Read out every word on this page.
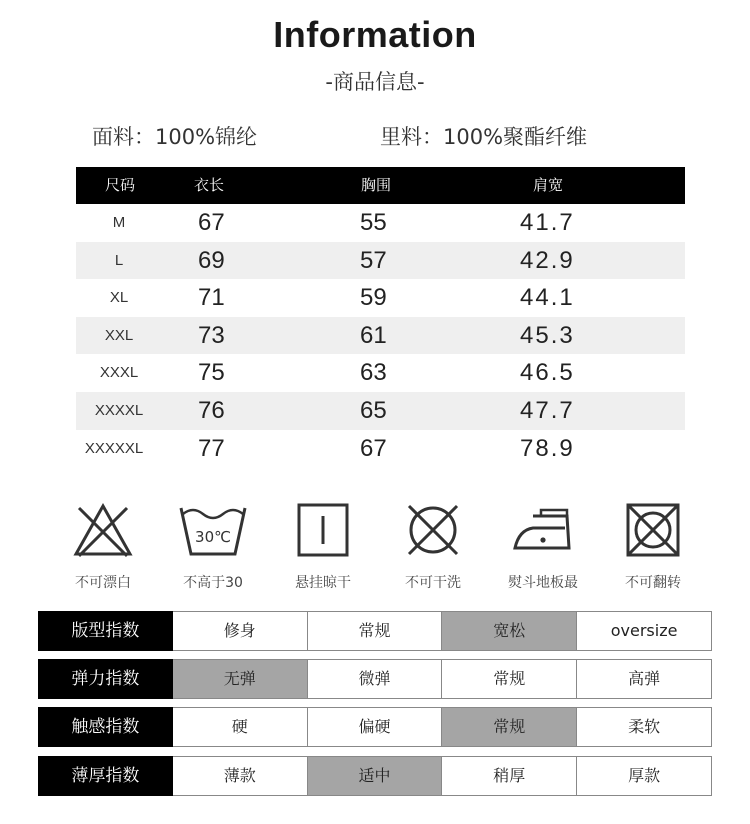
Information
-商品信息-
面料：100%锦纶	里料：100%聚酯纤维
尺码	衣长	胸围	肩宽
M	67	55	41.7
L	69	57	42.9
XL	71	59	44.1
XXL	73	61	45.3
XXXL 75	63	46.5
XXXXL 76	65	47.7
XXXXXL 77	67	78.9
不可漂白
30℃
不高于30	悬挂晾干	不可干洗	熨斗地板最	不可翻转
版型指数	修身	常规	宽松	oversize
弹力指数	无弹	微弹	常规	高弹
触感指数	硬	偏硬	常规	柔软
薄厚指数	薄款	适中	稍厚	厚款
